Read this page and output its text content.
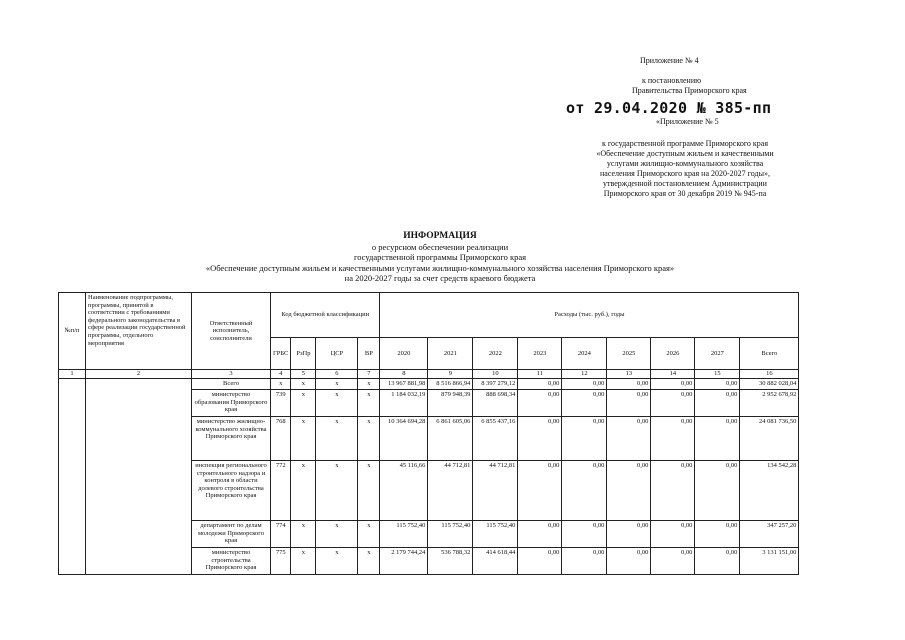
Приложение № 4
к постановлению
Правительства Приморского края
от 29.04.2020 № 385-пп
«Приложение № 5
к государственной программе Приморского края
«Обеспечение доступным жильем и качественными
услугами жилищно-коммунального хозяйства
населения Приморского края на 2020-2027 годы»,
утвержденной постановлением Администрации
Приморского края от 30 декабря 2019 № 945-па
ИНФОРМАЦИЯ
о ресурсном обеспечении реализации
государственной программы Приморского края
«Обеспечение доступным жильем и качественными услугами жилищно-коммунального хозяйства населения Приморского края»
на 2020-2027 годы за счет средств краевого бюджета
№п/п	Наименование подпрограммы, программы, принятой в соответствии с требованиями федерального законодательства в сфере реализации государственной программы, отдельного мероприятия	Ответственный исполнитель, соисполнители	Код бюджетной классификации				Расходы (тыс. руб.), годы								
			ГРБС	РзПр	ЦСР	ВР	2020	2021	2022	2023	2024	2025	2026	2027	Всего
1	2	3	4	5	6	7	8	9	10	11	12	13	14	15	16
		Всего	x	x	x	x	13 967 881,98	8 516 866,94	8 397 279,12	0,00	0,00	0,00	0,00	0,00	30 882 028,04
		министерство образования Приморского края	739	x	x	x	1 184 032,19	879 948,39	888 698,34	0,00	0,00	0,00	0,00	0,00	2 952 678,92
		министерство жилищно-коммунального хозяйства Приморского края	768	x	x	x	10 364 694,28	6 861 605,06	6 855 437,16	0,00	0,00	0,00	0,00	0,00	24 081 736,50
		инспекция регионального строительного надзора и контроля в области долевого строительства Приморского края	772	x	x	x	45 116,66	44 712,81	44 712,81	0,00	0,00	0,00	0,00	0,00	134 542,28
		департамент по делам молодежи Приморского края	774	x	x	x	115 752,40	115 752,40	115 752,40	0,00	0,00	0,00	0,00	0,00	347 257,20
		министерство строительства Приморского края	775	x	x	x	2 179 744,24	536 788,32	414 618,44	0,00	0,00	0,00	0,00	0,00	3 131 151,00
